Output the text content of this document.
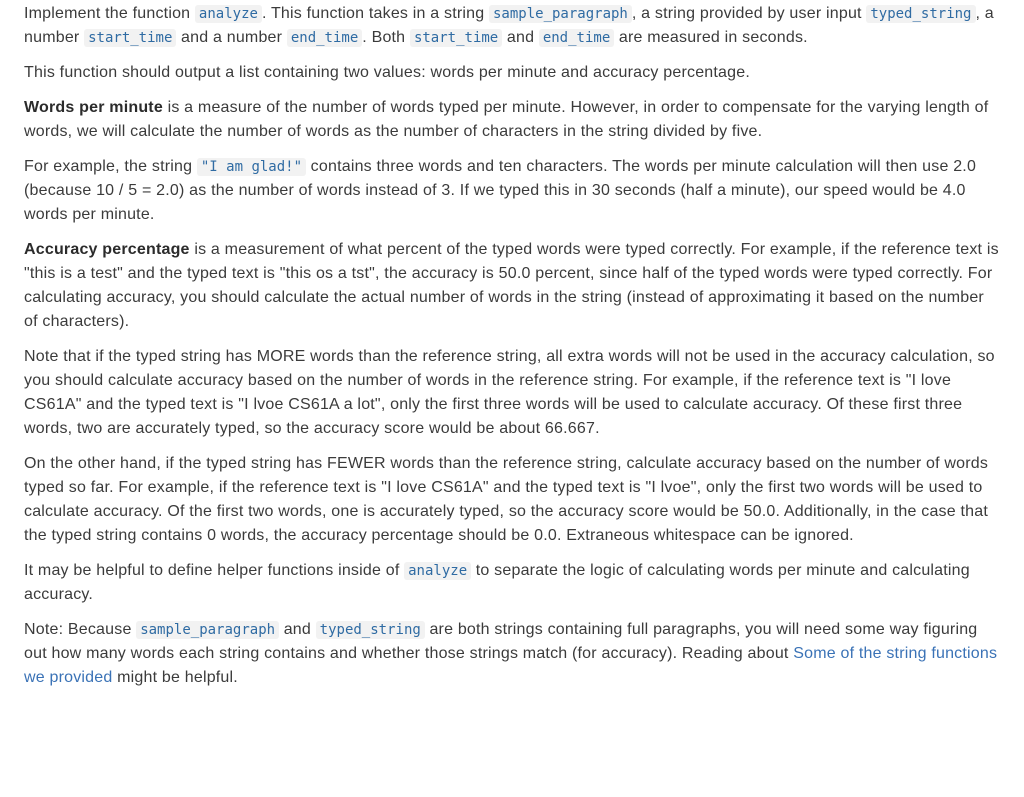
Implement the function analyze . This function takes in a string sample_paragraph , a string provided by user input typed_string , a number start_time and a number end_time . Both start_time and end_time are measured in seconds.

This function should output a list containing two values: words per minute and accuracy percentage.

Words per minute is a measure of the number of words typed per minute. However, in order to compensate for the varying length of words, we will calculate the number of words as the number of characters in the string divided by five.

For example, the string "I am glad!" contains three words and ten characters. The words per minute calculation will then use 2.0 (because 10 / 5 = 2.0) as the number of words instead of 3. If we typed this in 30 seconds (half a minute), our speed would be 4.0 words per minute.

Accuracy percentage is a measurement of what percent of the typed words were typed correctly. For example, if the reference text is "this is a test" and the typed text is "this os a tst", the accuracy is 50.0 percent, since half of the typed words were typed correctly. For calculating accuracy, you should calculate the actual number of words in the string (instead of approximating it based on the number of characters).

Note that if the typed string has MORE words than the reference string, all extra words will not be used in the accuracy calculation, so you should calculate accuracy based on the number of words in the reference string. For example, if the reference text is "I love CS61A" and the typed text is "I lvoe CS61A a lot", only the first three words will be used to calculate accuracy. Of these first three words, two are accurately typed, so the accuracy score would be about 66.667.

On the other hand, if the typed string has FEWER words than the reference string, calculate accuracy based on the number of words typed so far. For example, if the reference text is "I love CS61A" and the typed text is "I lvoe", only the first two words will be used to calculate accuracy. Of the first two words, one is accurately typed, so the accuracy score would be 50.0. Additionally, in the case that the typed string contains 0 words, the accuracy percentage should be 0.0. Extraneous whitespace can be ignored.

It may be helpful to define helper functions inside of analyze to separate the logic of calculating words per minute and calculating accuracy.

Note: Because sample_paragraph and typed_string are both strings containing full paragraphs, you will need some way figuring out how many words each string contains and whether those strings match (for accuracy). Reading about Some of the string functions we provided might be helpful.
